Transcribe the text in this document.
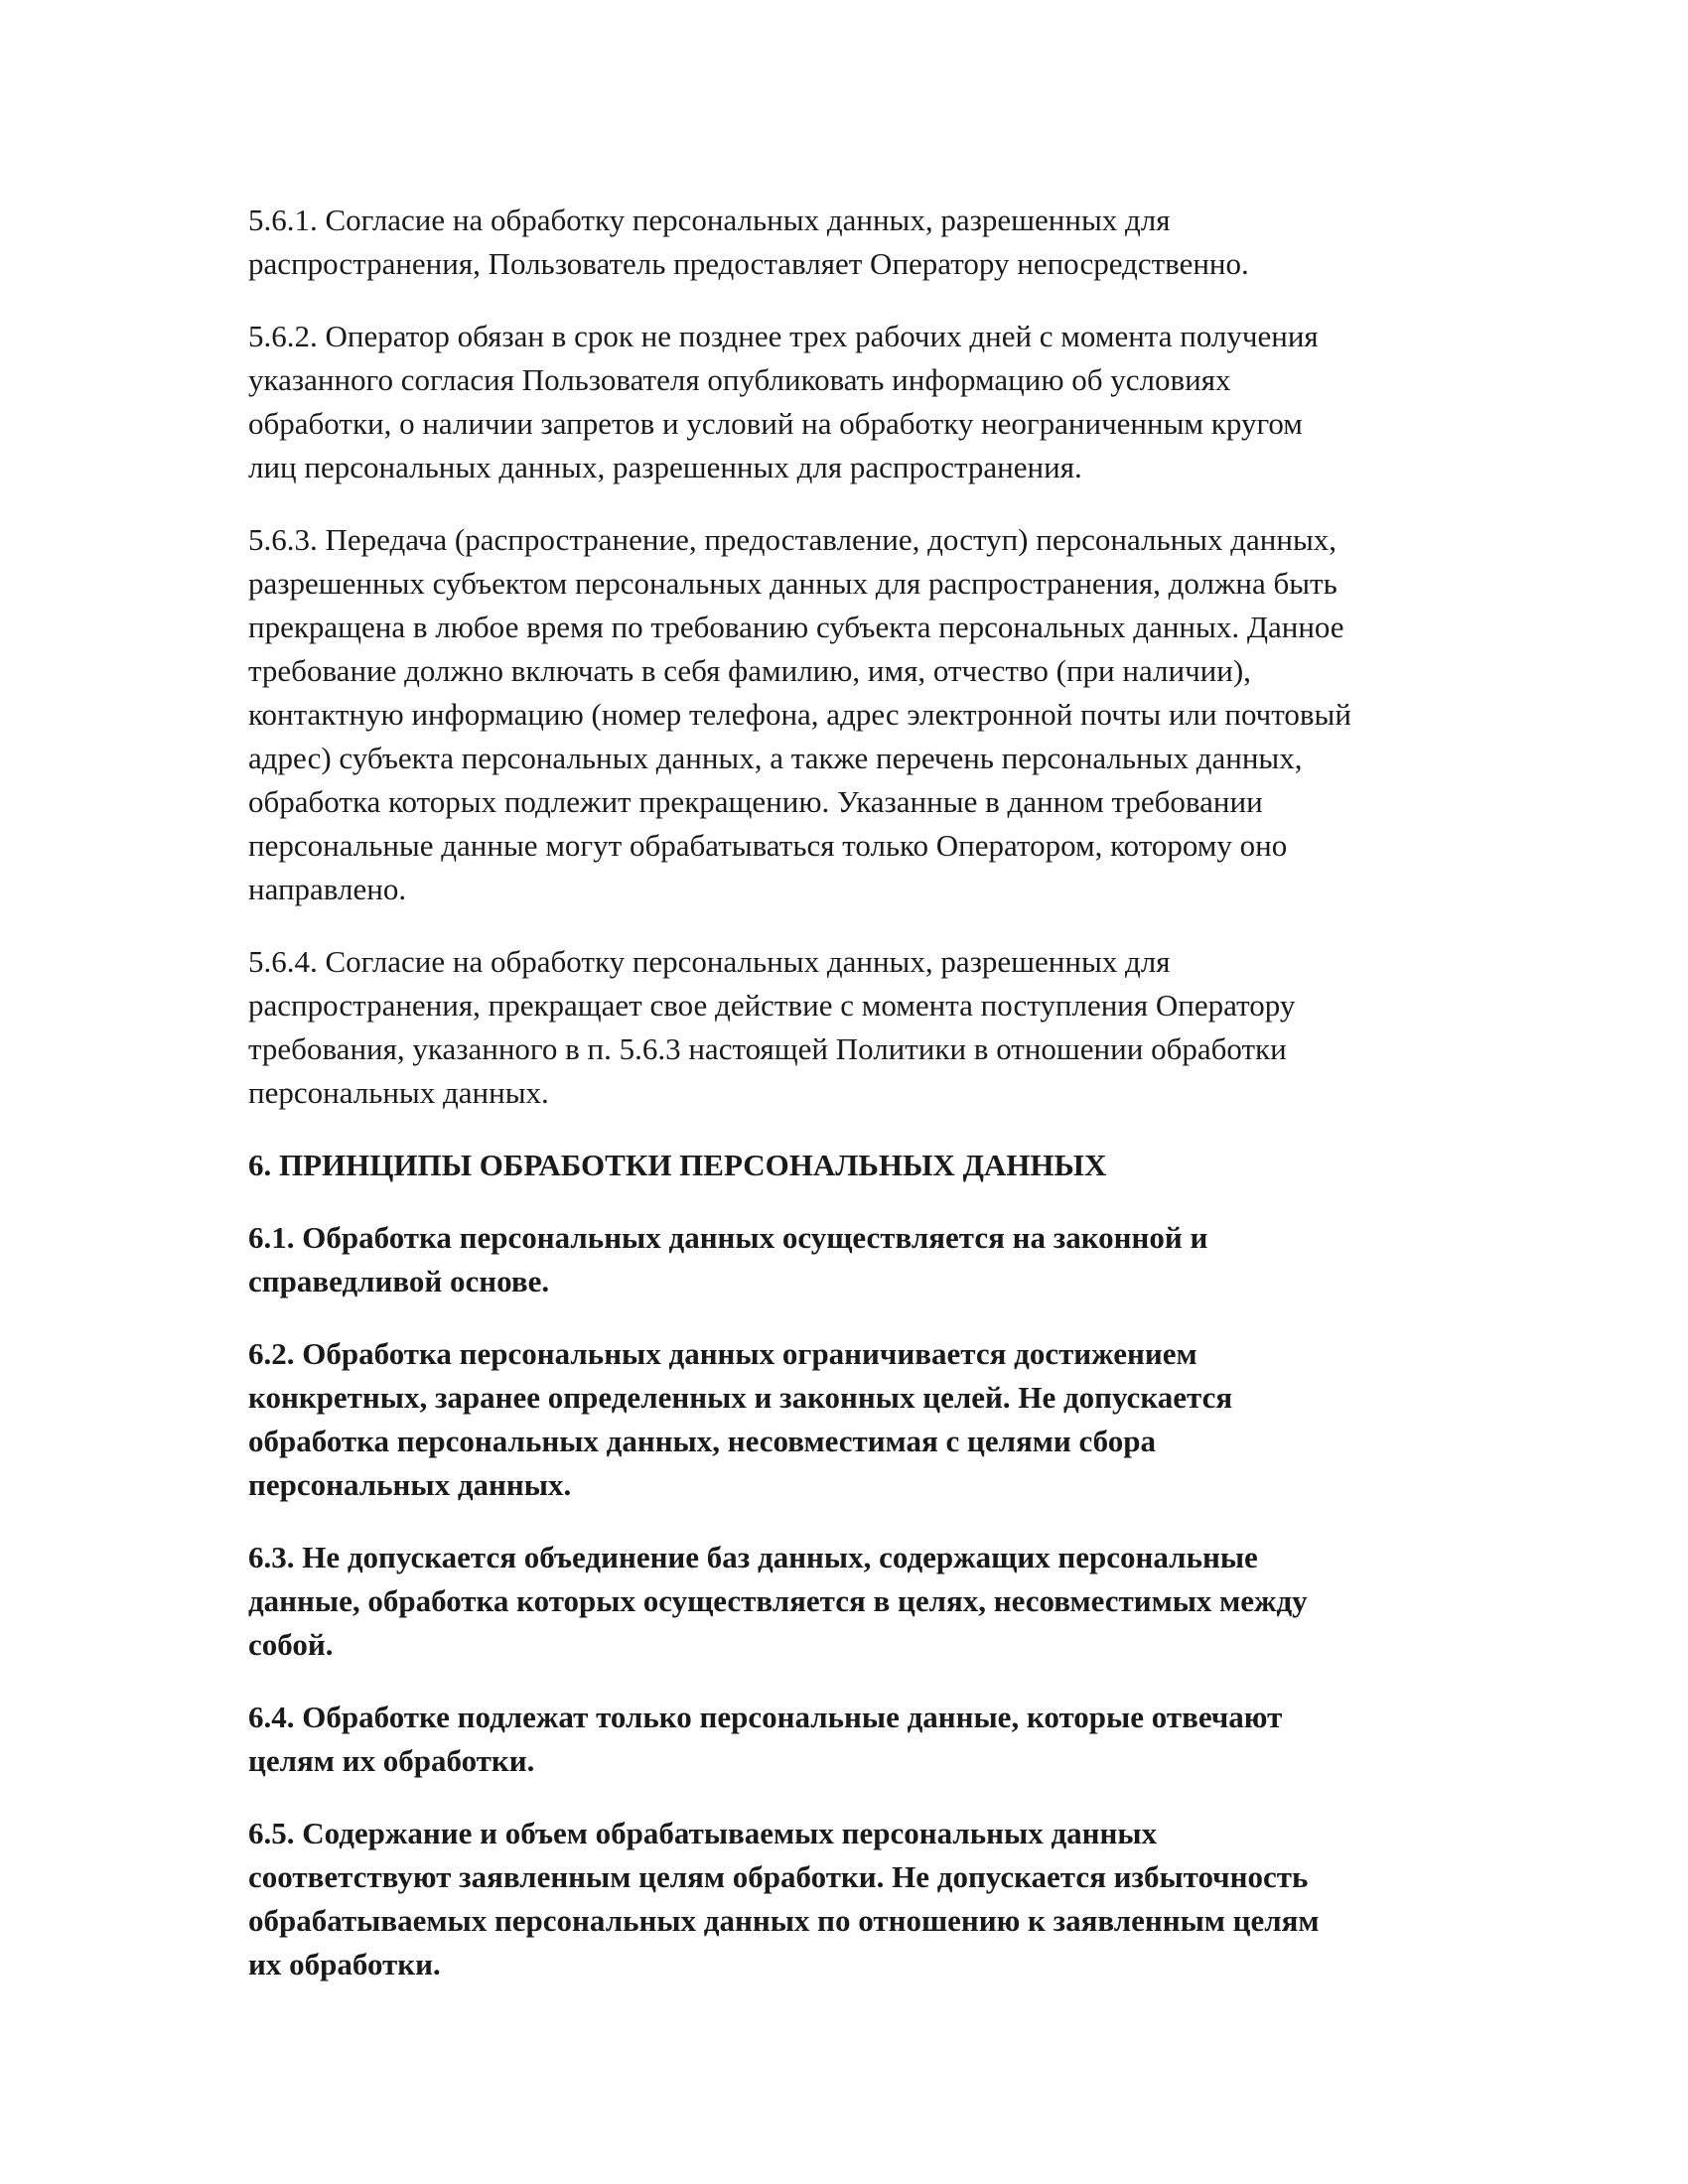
5.6.1. Согласие на обработку персональных данных, разрешенных для
распространения, Пользователь предоставляет Оператору непосредственно.

5.6.2. Оператор обязан в срок не позднее трех рабочих дней с момента получения
указанного согласия Пользователя опубликовать информацию об условиях
обработки, о наличии запретов и условий на обработку неограниченным кругом
лиц персональных данных, разрешенных для распространения.

5.6.3. Передача (распространение, предоставление, доступ) персональных данных,
разрешенных субъектом персональных данных для распространения, должна быть
прекращена в любое время по требованию субъекта персональных данных. Данное
требование должно включать в себя фамилию, имя, отчество (при наличии),
контактную информацию (номер телефона, адрес электронной почты или почтовый
адрес) субъекта персональных данных, а также перечень персональных данных,
обработка которых подлежит прекращению. Указанные в данном требовании
персональные данные могут обрабатываться только Оператором, которому оно
направлено.

5.6.4. Согласие на обработку персональных данных, разрешенных для
распространения, прекращает свое действие с момента поступления Оператору
требования, указанного в п. 5.6.3 настоящей Политики в отношении обработки
персональных данных.

6. ПРИНЦИПЫ ОБРАБОТКИ ПЕРСОНАЛЬНЫХ ДАННЫХ

6.1. Обработка персональных данных осуществляется на законной и
справедливой основе.

6.2. Обработка персональных данных ограничивается достижением
конкретных, заранее определенных и законных целей. Не допускается
обработка персональных данных, несовместимая с целями сбора
персональных данных.

6.3. Не допускается объединение баз данных, содержащих персональные
данные, обработка которых осуществляется в целях, несовместимых между
собой.

6.4. Обработке подлежат только персональные данные, которые отвечают
целям их обработки.

6.5. Содержание и объем обрабатываемых персональных данных
соответствуют заявленным целям обработки. Не допускается избыточность
обрабатываемых персональных данных по отношению к заявленным целям
их обработки.
